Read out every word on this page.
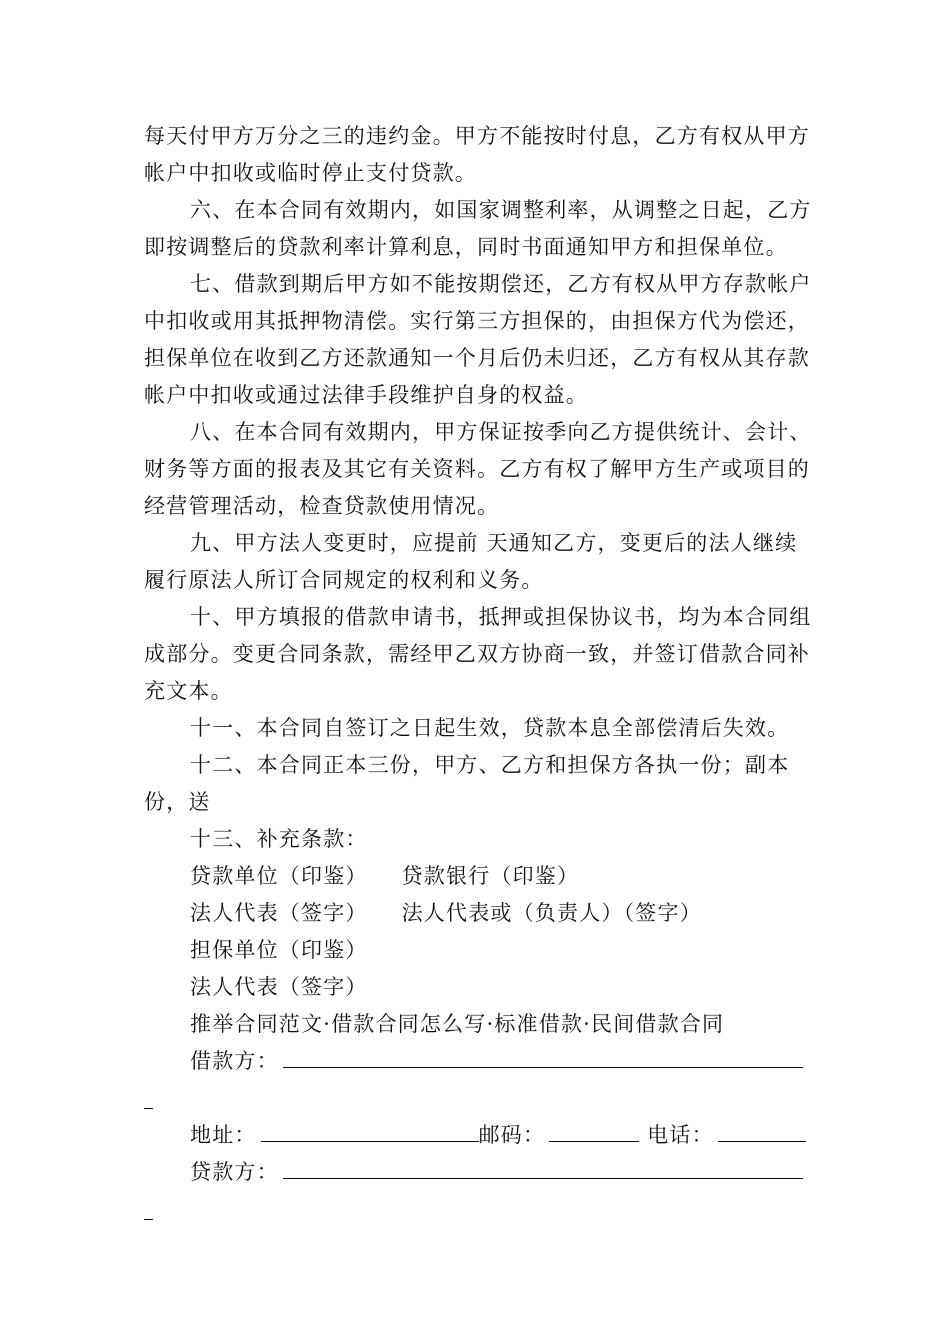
每天付甲方万分之三的违约金。甲方不能按时付息，乙方有权从甲方帐户中扣收或临时停止支付贷款。

六、在本合同有效期内，如国家调整利率，从调整之日起，乙方即按调整后的贷款利率计算利息，同时书面通知甲方和担保单位。

七、借款到期后甲方如不能按期偿还，乙方有权从甲方存款帐户中扣收或用其抵押物清偿。实行第三方担保的，由担保方代为偿还，担保单位在收到乙方还款通知一个月后仍未归还，乙方有权从其存款帐户中扣收或通过法律手段维护自身的权益。

八、在本合同有效期内，甲方保证按季向乙方提供统计、会计、财务等方面的报表及其它有关资料。乙方有权了解甲方生产或项目的经营管理活动，检查贷款使用情况。

九、甲方法人变更时，应提前 天通知乙方，变更后的法人继续履行原法人所订合同规定的权利和义务。

十、甲方填报的借款申请书，抵押或担保协议书，均为本合同组成部分。变更合同条款，需经甲乙双方协商一致，并签订借款合同补充文本。

十一、本合同自签订之日起生效，贷款本息全部偿清后失效。

十二、本合同正本三份，甲方、乙方和担保方各执一份；副本份，送

十三、补充条款：

贷款单位（印鉴） 贷款银行（印鉴）
法人代表（签字） 法人代表或（负责人）（签字）
担保单位（印鉴）
法人代表（签字）
推举合同范文·借款合同怎么写·标准借款·民间借款合同
借款方：
地址：	邮码：	电话：
贷款方：
